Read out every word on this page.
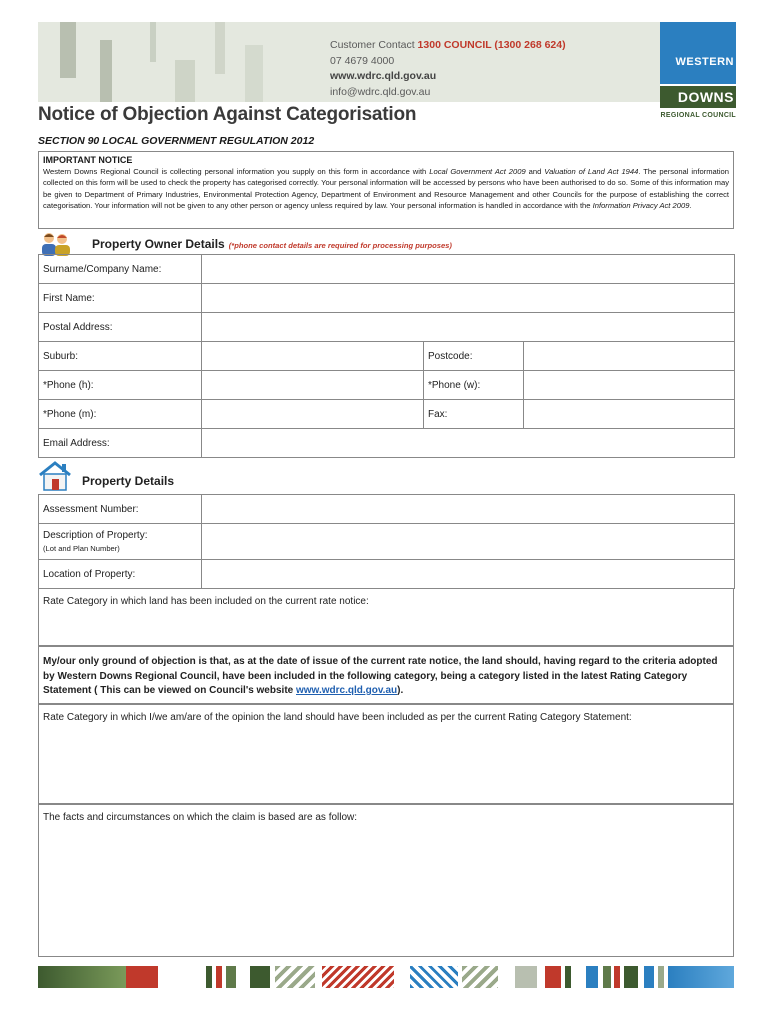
Customer Contact 1300 COUNCIL (1300 268 624)
07 4679 4000
www.wdrc.qld.gov.au
info@wdrc.qld.gov.au
WESTERN
DOWNS
REGIONAL COUNCIL
Notice of Objection Against Categorisation
SECTION 90 LOCAL GOVERNMENT REGULATION 2012
IMPORTANT NOTICE

Western Downs Regional Council is collecting personal information you supply on this form in accordance with Local Government Act 2009 and Valuation of Land Act 1944. The personal information collected on this form will be used to check the property has categorised correctly. Your personal information will be accessed by persons who have been authorised to do so. Some of this information may be given to Department of Primary Industries, Environmental Protection Agency, Department of Environment and Resource Management and other Councils for the purpose of establishing the correct categorisation. Your information will not be given to any other person or agency unless required by law. Your personal information is handled in accordance with the Information Privacy Act 2009.

Property Owner Details (*phone contact details are required for processing purposes)
Surname/Company Name:			
First Name:			
Postal Address:			
Suburb:		Postcode:	
*Phone (h):		*Phone (w):	
*Phone (m):		Fax:	
Email Address:			
Property Details
Assessment Number:	
Description of Property:
(Lot and Plan Number)	

Location of Property:	
Rate Category in which land has been included on the current rate notice:
My/our only ground of objection is that, as at the date of issue of the current rate notice, the land should, having regard to the criteria adopted by Western Downs Regional Council, have been included in the following category, being a category listed in the latest Rating Category Statement ( This can be viewed on Council's website www.wdrc.qld.gov.au).
Rate Category in which I/we am/are of the opinion the land should have been included as per the current Rating Category Statement:
The facts and circumstances on which the claim is based are as follow:
